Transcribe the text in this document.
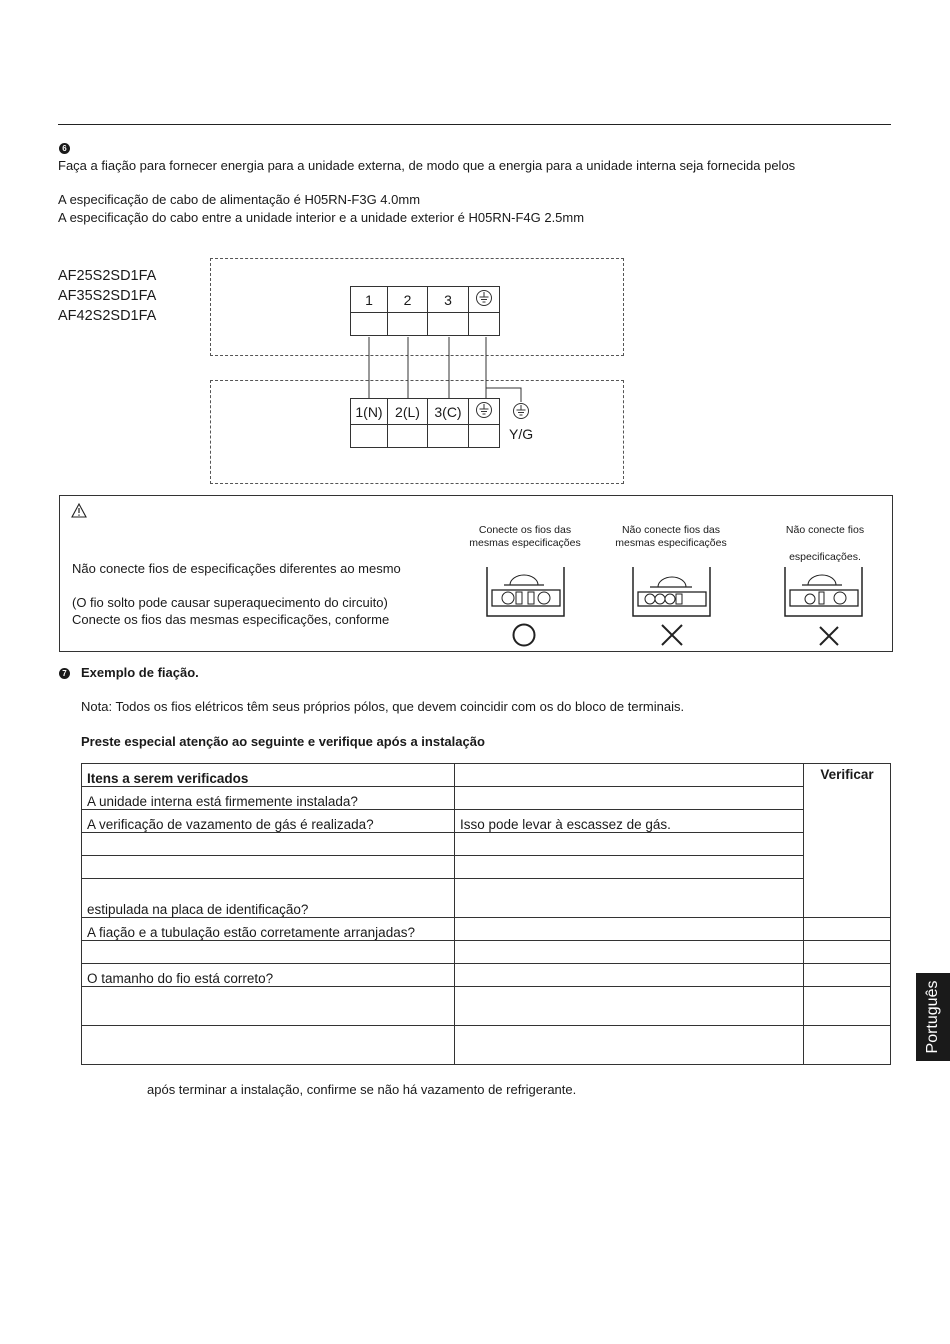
6
Faça a fiação para fornecer energia para a unidade externa, de modo que a energia para a unidade interna seja fornecida pelos
A especificação de cabo de alimentação é H05RN-F3G 4.0mm
A especificação do cabo entre a unidade interior e a unidade exterior é H05RN-F4G 2.5mm
AF25S2SD1FA
AF35S2SD1FA
AF42S2SD1FA
1	2	3	

1(N)	2(L)	3(C)	

Y/G
Não conecte fios de especificações diferentes ao mesmo
(O fio solto pode causar superaquecimento do circuito)
Conecte os fios das mesmas especificações, conforme
Conecte os fios das
mesmas especificações
Não conecte fios das
mesmas especificações
Não conecte fios
especificações.
7 Exemplo de fiação.
Nota: Todos os fios elétricos têm seus próprios pólos, que devem coincidir com os do bloco de terminais.
Preste especial atenção ao seguinte e verifique após a instalação
Itens a serem verificados		Verificar
A unidade interna está firmemente instalada?		
A verificação de vazamento de gás é realizada?	Isso pode levar à escassez de gás.	

estipulada na placa de identificação?		
A fiação e a tubulação estão corretamente arranjadas?		

O tamanho do fio está correto?		

após terminar a instalação, confirme se não há vazamento de refrigerante.
Português
